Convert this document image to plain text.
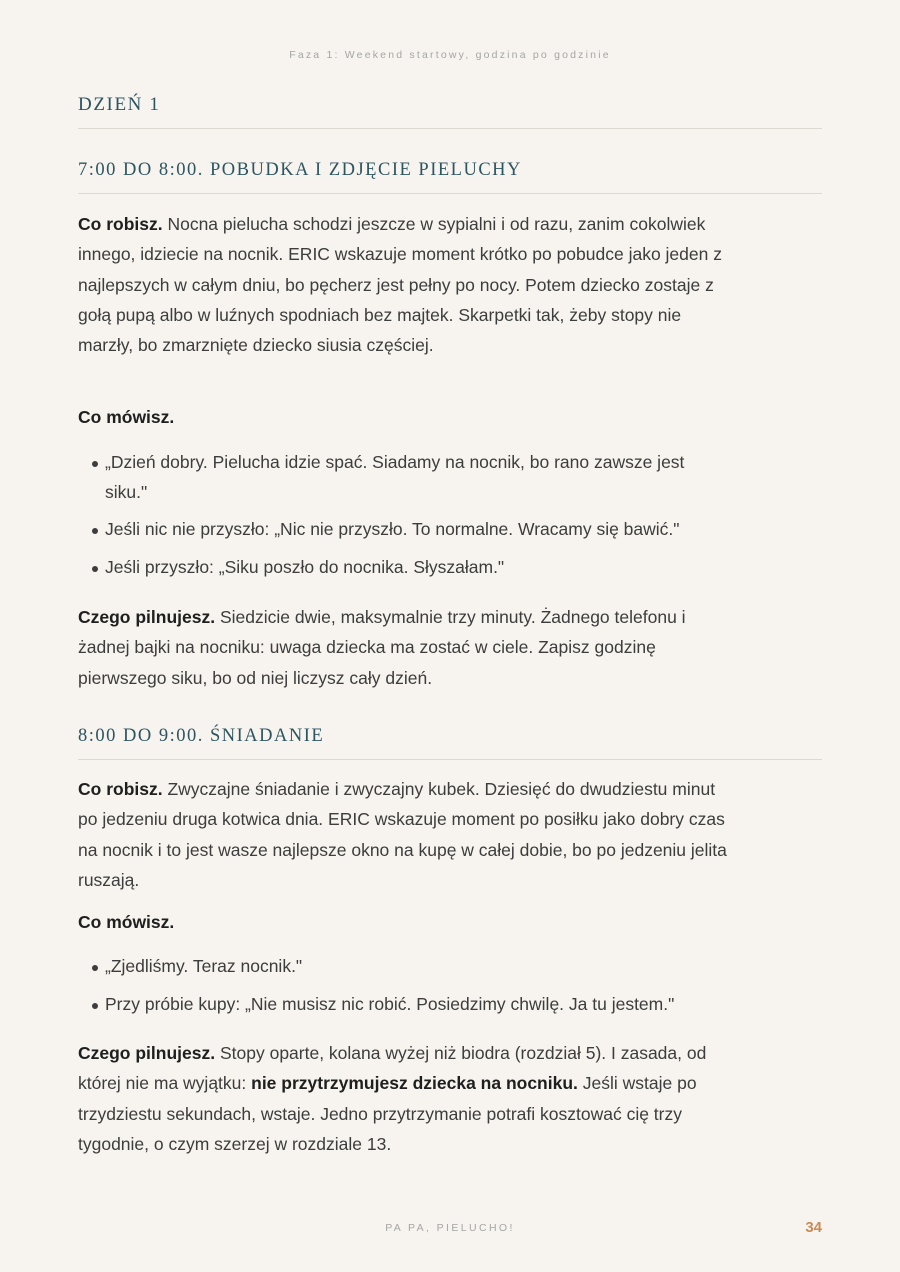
Faza 1: Weekend startowy, godzina po godzinie
DZIEŃ 1
7:00 DO 8:00. POBUDKA I ZDJĘCIE PIELUCHY

Co robisz. Nocna pielucha schodzi jeszcze w sypialni i od razu, zanim cokolwiek innego, idziecie na nocnik. ERIC wskazuje moment krótko po pobudce jako jeden z najlepszych w całym dniu, bo pęcherz jest pełny po nocy. Potem dziecko zostaje z gołą pupą albo w luźnych spodniach bez majtek. Skarpetki tak, żeby stopy nie marzły, bo zmarznięte dziecko siusia częściej.

Co mówisz.
„Dzień dobry. Pielucha idzie spać. Siadamy na nocnik, bo rano zawsze jest siku."
Jeśli nic nie przyszło: „Nic nie przyszło. To normalne. Wracamy się bawić."
Jeśli przyszło: „Siku poszło do nocnika. Słyszałam."

Czego pilnujesz. Siedzicie dwie, maksymalnie trzy minuty. Żadnego telefonu i żadnej bajki na nocniku: uwaga dziecka ma zostać w ciele. Zapisz godzinę pierwszego siku, bo od niej liczysz cały dzień.

8:00 DO 9:00. ŚNIADANIE

Co robisz. Zwyczajne śniadanie i zwyczajny kubek. Dziesięć do dwudziestu minut po jedzeniu druga kotwica dnia. ERIC wskazuje moment po posiłku jako dobry czas na nocnik i to jest wasze najlepsze okno na kupę w całej dobie, bo po jedzeniu jelita ruszają.

Co mówisz.
„Zjedliśmy. Teraz nocnik."
Przy próbie kupy: „Nie musisz nic robić. Posiedzimy chwilę. Ja tu jestem."

Czego pilnujesz. Stopy oparte, kolana wyżej niż biodra (rozdział 5). I zasada, od której nie ma wyjątku: nie przytrzymujesz dziecka na nocniku. Jeśli wstaje po trzydziestu sekundach, wstaje. Jedno przytrzymanie potrafi kosztować cię trzy tygodnie, o czym szerzej w rozdziale 13.

PA PA, PIELUCHO!	34
